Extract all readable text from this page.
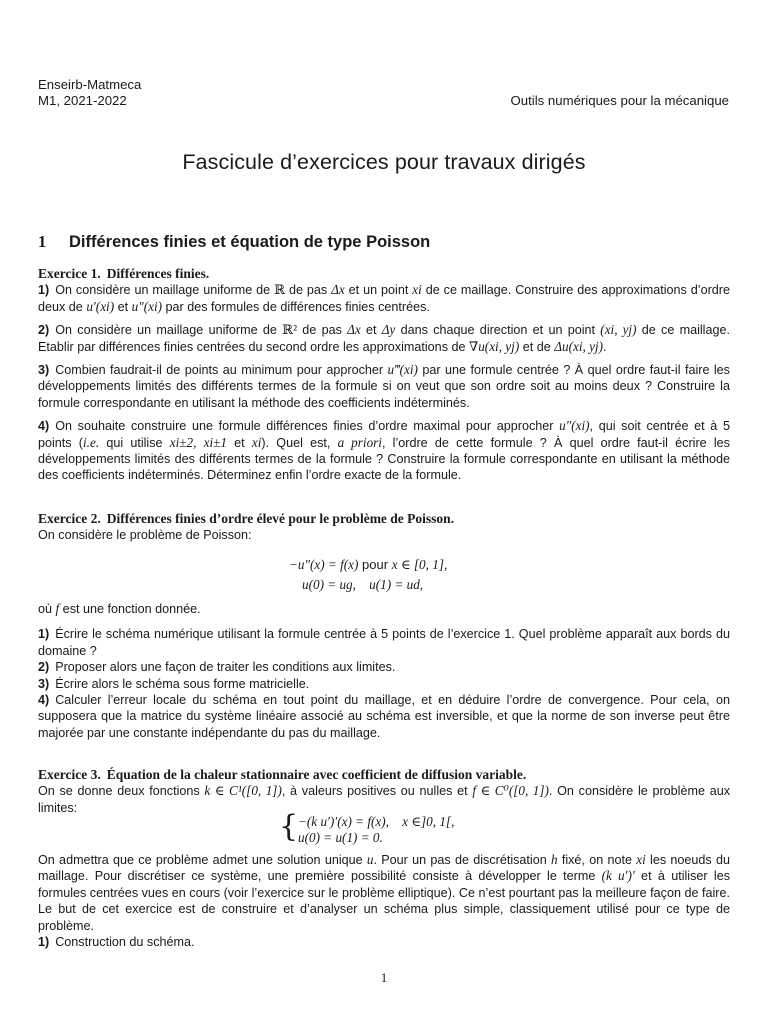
Enseirb-Matmeca
M1, 2021-2022	Outils numériques pour la mécanique
Fascicule d’exercices pour travaux dirigés
1 Différences finies et équation de type Poisson

Exercice 1. Différences finies.

1) On considère un maillage uniforme de ℝ de pas Δx et un point xi de ce maillage. Construire des approximations d’ordre deux de u′(xi) et u″(xi) par des formules de différences finies centrées.

2) On considère un maillage uniforme de ℝ² de pas Δx et Δy dans chaque direction et un point (xi, yj) de ce maillage. Etablir par différences finies centrées du second ordre les approximations de ∇u(xi, yj) et de Δu(xi, yj).

3) Combien faudrait-il de points au minimum pour approcher u‴(xi) par une formule centrée ? À quel ordre faut-il faire les développements limités des différents termes de la formule si on veut que son ordre soit au moins deux ? Construire la formule correspondante en utilisant la méthode des coefficients indéterminés.

4) On souhaite construire une formule différences finies d’ordre maximal pour approcher u″(xi), qui soit centrée et à 5 points (i.e. qui utilise xi±2, xi±1 et xi). Quel est, a priori, l’ordre de cette formule ? À quel ordre faut-il écrire les développements limités des différents termes de la formule ? Construire la formule correspondante en utilisant la méthode des coefficients indéterminés. Déterminez enfin l’ordre exacte de la formule.

Exercice 2. Différences finies d’ordre élevé pour le problème de Poisson.

On considère le problème de Poisson:

−u″(x) = f(x) pour x ∈ [0, 1],
u(0) = ug,    u(1) = ud,

où f est une fonction donnée.

1) Écrire le schéma numérique utilisant la formule centrée à 5 points de l’exercice 1. Quel problème apparaît aux bords du domaine ?

2) Proposer alors une façon de traiter les conditions aux limites.

3) Écrire alors le schéma sous forme matricielle.

4) Calculer l’erreur locale du schéma en tout point du maillage, et en déduire l’ordre de convergence. Pour cela, on supposera que la matrice du système linéaire associé au schéma est inversible, et que la norme de son inverse peut être majorée par une constante indépendante du pas du maillage.

Exercice 3. Équation de la chaleur stationnaire avec coefficient de diffusion variable.

On se donne deux fonctions k ∈ C¹([0, 1]), à valeurs positives ou nulles et f ∈ C⁰([0, 1]). On considère le problème aux limites:

{ −(k u′)′(x) = f(x),    x ∈]0, 1[,
u(0) = u(1) = 0.

On admettra que ce problème admet une solution unique u. Pour un pas de discrétisation h fixé, on note xi les noeuds du maillage. Pour discrétiser ce système, une première possibilité consiste à développer le terme (k u′)′ et à utiliser les formules centrées vues en cours (voir l’exercice sur le problème elliptique). Ce n’est pourtant pas la meilleure façon de faire. Le but de cet exercice est de construire et d’analyser un schéma plus simple, classiquement utilisé pour ce type de problème.

1) Construction du schéma.

1
